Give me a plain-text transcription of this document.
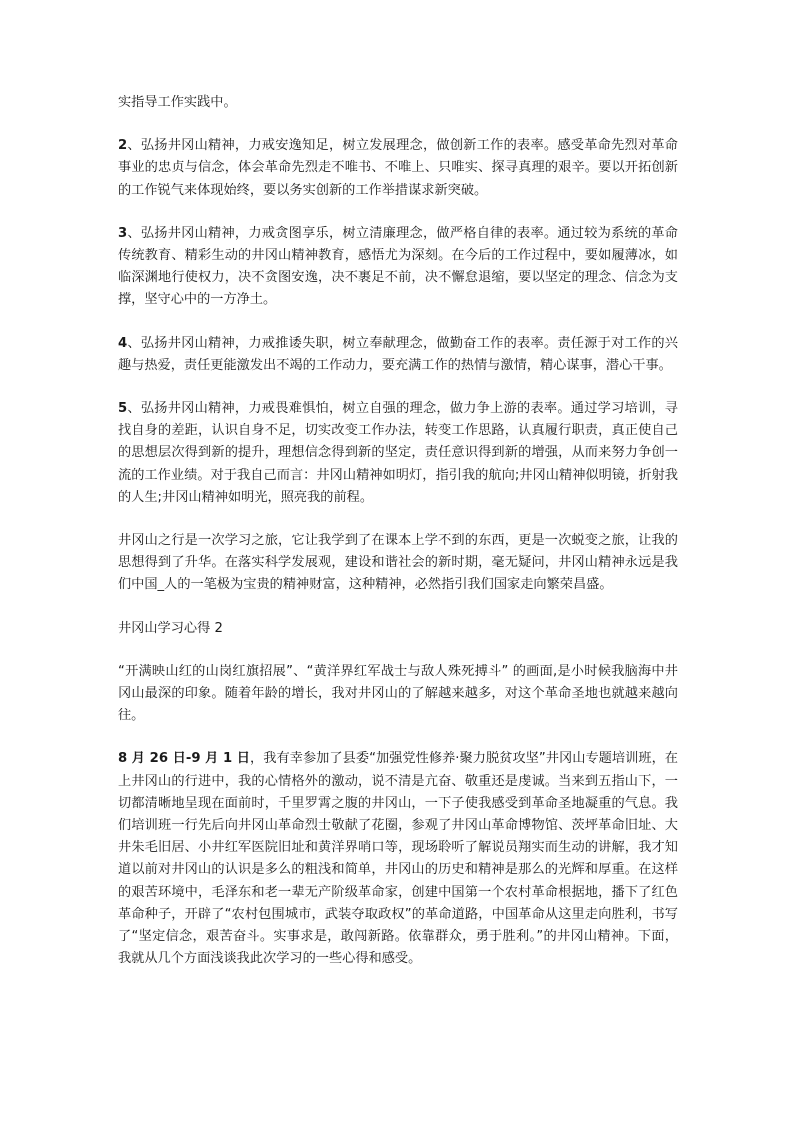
实指导工作实践中。

2、弘扬井冈山精神，力戒安逸知足，树立发展理念，做创新工作的表率。感受革命先烈对革命事业的忠贞与信念，体会革命先烈走不唯书、不唯上、只唯实、探寻真理的艰辛。要以开拓创新的工作锐气来体现始终，要以务实创新的工作举措谋求新突破。

3、弘扬井冈山精神，力戒贪图享乐，树立清廉理念，做严格自律的表率。通过较为系统的革命传统教育、精彩生动的井冈山精神教育，感悟尤为深刻。在今后的工作过程中，要如履薄冰，如临深渊地行使权力，决不贪图安逸，决不裹足不前，决不懈怠退缩，要以坚定的理念、信念为支撑，坚守心中的一方净土。

4、弘扬井冈山精神，力戒推诿失职，树立奉献理念，做勤奋工作的表率。责任源于对工作的兴趣与热爱，责任更能激发出不竭的工作动力，要充满工作的热情与激情，精心谋事，潜心干事。

5、弘扬井冈山精神，力戒畏难惧怕，树立自强的理念，做力争上游的表率。通过学习培训，寻找自身的差距，认识自身不足，切实改变工作办法，转变工作思路，认真履行职责，真正使自己的思想层次得到新的提升，理想信念得到新的坚定，责任意识得到新的增强，从而来努力争创一流的工作业绩。对于我自己而言：井冈山精神如明灯，指引我的航向;井冈山精神似明镜，折射我的人生;井冈山精神如明光，照亮我的前程。

井冈山之行是一次学习之旅，它让我学到了在课本上学不到的东西，更是一次蜕变之旅，让我的思想得到了升华。在落实科学发展观，建设和谐社会的新时期，毫无疑问，井冈山精神永远是我们中国_人的一笔极为宝贵的精神财富，这种精神，必然指引我们国家走向繁荣昌盛。

井冈山学习心得 2

“开满映山红的山岗红旗招展”、“黄洋界红军战士与敌人殊死搏斗” 的画面,是小时候我脑海中井冈山最深的印象。随着年龄的增长，我对井冈山的了解越来越多，对这个革命圣地也就越来越向往。

8 月 26 日-9 月 1 日，我有幸参加了县委“加强党性修养·聚力脱贫攻坚”井冈山专题培训班，在上井冈山的行进中，我的心情格外的激动，说不清是亢奋、敬重还是虔诚。当来到五指山下，一切都清晰地呈现在面前时，千里罗霄之腹的井冈山，一下子使我感受到革命圣地凝重的气息。我们培训班一行先后向井冈山革命烈士敬献了花圈，参观了井冈山革命博物馆、茨坪革命旧址、大井朱毛旧居、小井红军医院旧址和黄洋界哨口等，现场聆听了解说员翔实而生动的讲解，我才知道以前对井冈山的认识是多么的粗浅和简单，井冈山的历史和精神是那么的光辉和厚重。在这样的艰苦环境中，毛泽东和老一辈无产阶级革命家，创建中国第一个农村革命根据地，播下了红色革命种子，开辟了“农村包围城市，武装夺取政权”的革命道路，中国革命从这里走向胜利，书写了“坚定信念，艰苦奋斗。实事求是，敢闯新路。依靠群众，勇于胜利。”的井冈山精神。下面，我就从几个方面浅谈我此次学习的一些心得和感受。
